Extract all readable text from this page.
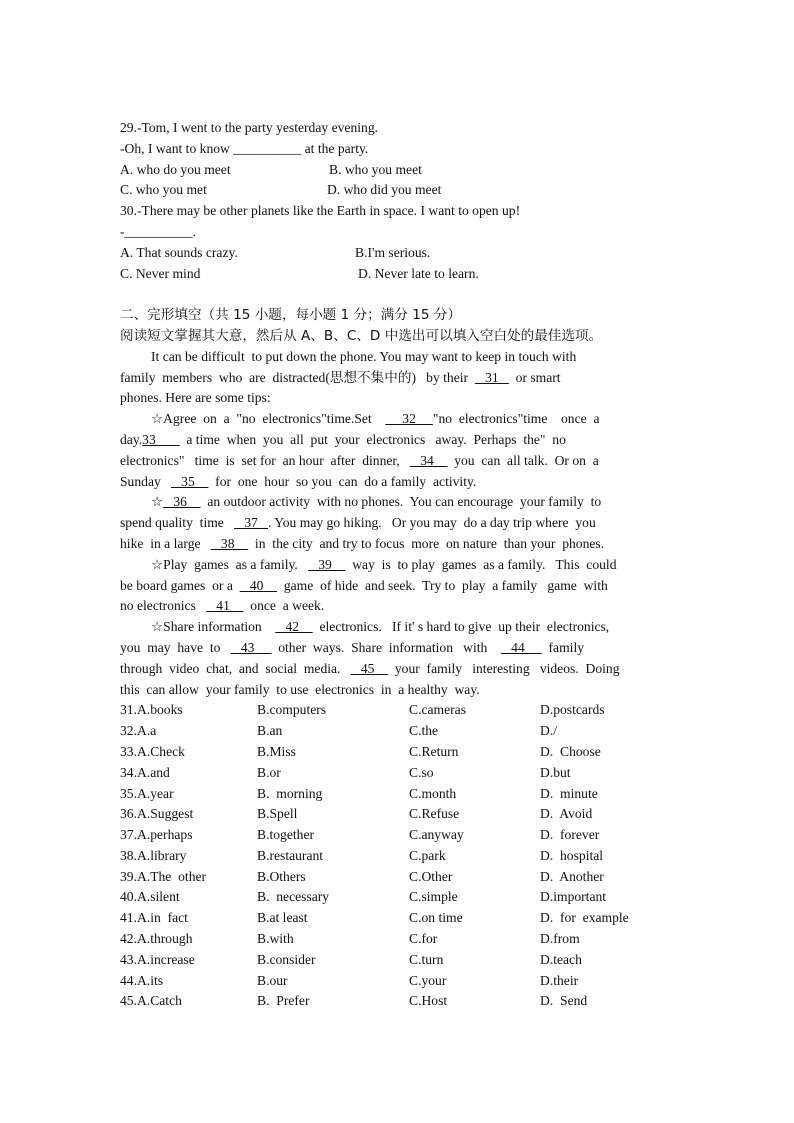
29.-Tom, I went to the party yesterday evening.
-Oh, I want to know __________ at the party.
A. who do you meet	B. who you meet
C. who you met	D. who did you meet
30.-There may be other planets like the Earth in space. I want to open up!
-__________.
A. That sounds crazy.	B.I'm serious.
C. Never mind	D. Never late to learn.
二、完形填空（共 15 小题，每小题 1 分；满分 15 分）
阅读短文掌握其大意，然后从 A、B、C、D 中选出可以填入空白处的最佳选项。
It can be difficult  to put down the phone. You may want to keep in touch with
family  members  who  are  distracted(思想不集中的)   by their     31     or smart
phones. Here are some tips:
☆Agree  on  a  "no  electronics"time.Set         32     "no  electronics"time    once  a
day.33         a time  when  you  all  put  your  electronics   away.  Perhaps  the"  no
electronics"   time  is  set for  an hour  after  dinner,      34      you  can  all talk.  Or on  a
Sunday      35      for  one  hour  so you  can  do a family  activity.
☆   36      an outdoor activity  with no phones.  You can encourage  your family  to
spend quality  time      37   . You may go hiking.   Or you may  do a day trip where  you
hike  in a large      38      in  the city  and try to focus  more  on nature  than your  phones.
☆Play  games  as a family.      39      way  is  to play  games  as a family.   This  could
be board games  or a     40      game  of hide  and seek.  Try to  play  a family   game  with
no electronics      41      once  a week.
☆Share information       42      electronics.   If it' s hard to give  up their  electronics,
you  may  have  to      43       other  ways.  Share  information   with       44       family
through  video  chat,  and  social  media.      45      your  family   interesting   videos.  Doing
this  can allow  your family  to use  electronics  in  a healthy  way.
31.A.books	B.computers	C.cameras	D.postcards
32.A.a	B.an	C.the	D./
33.A.Check	B.Miss	C.Return	D.  Choose
34.A.and	B.or	C.so	D.but
35.A.year	B.  morning	C.month	D.  minute
36.A.Suggest	B.Spell	C.Refuse	D.  Avoid
37.A.perhaps	B.together	C.anyway	D.  forever
38.A.library	B.restaurant	C.park	D.  hospital
39.A.The  other	B.Others	C.Other	D.  Another
40.A.silent	B.  necessary	C.simple	D.important
41.A.in  fact	B.at least	C.on time	D.  for  example
42.A.through	B.with	C.for	D.from
43.A.increase	B.consider	C.turn	D.teach
44.A.its	B.our	C.your	D.their
45.A.Catch	B.  Prefer	C.Host	D.  Send
